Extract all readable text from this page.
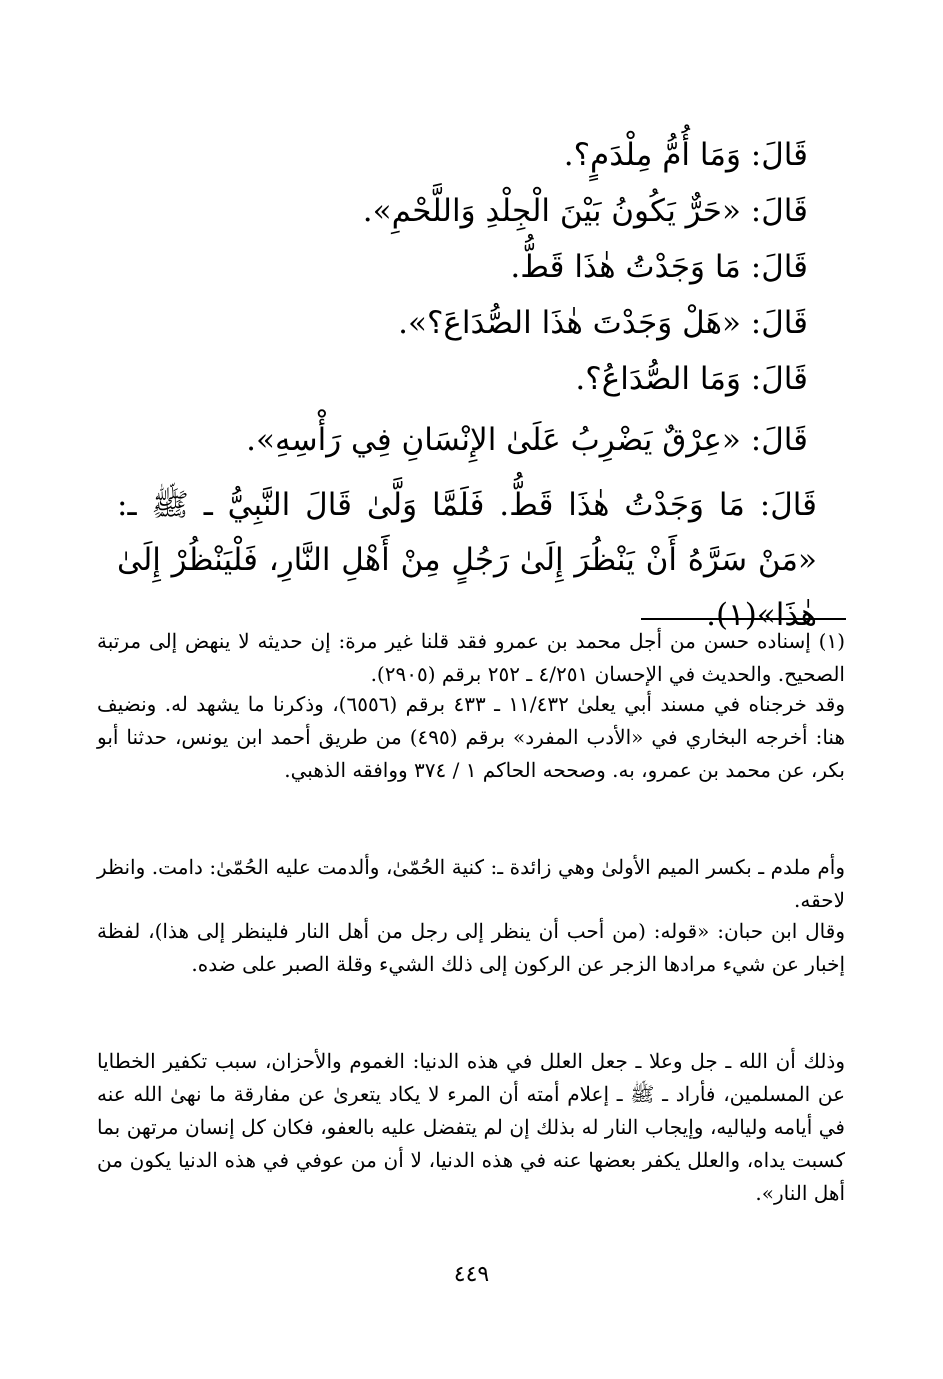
قَالَ: وَمَا أُمُّ مِلْدَمٍ؟.
قَالَ: «حَرٌّ يَكُونُ بَيْنَ الْجِلْدِ وَاللَّحْمِ».
قَالَ: مَا وَجَدْتُ هٰذَا قَطُّ.
قَالَ: «هَلْ وَجَدْتَ هٰذَا الصُّدَاعَ؟».
قَالَ: وَمَا الصُّدَاعُ؟.
قَالَ: «عِرْقٌ يَضْرِبُ عَلَىٰ الإِنْسَانِ فِي رَأْسِهِ».
قَالَ: مَا وَجَدْتُ هٰذَا قَطُّ. فَلَمَّا وَلَّىٰ قَالَ النَّبِيُّ ـ ﷺ ـ: «مَنْ سَرَّهُ أَنْ يَنْظُرَ إِلَىٰ رَجُلٍ مِنْ أَهْلِ النَّارِ، فَلْيَنْظُرْ إِلَىٰ هٰذَا»(١).
(١) إسناده حسن من أجل محمد بن عمرو فقد قلنا غير مرة: إن حديثه لا ينهض إلى مرتبة الصحيح. والحديث في الإحسان ٤/٢٥١ ـ ٢٥٢ برقم (٢٩٠٥).
وقد خرجناه في مسند أبي يعلىٰ ١١/٤٣٢ ـ ٤٣٣ برقم (٦٥٥٦)، وذكرنا ما يشهد له. ونضيف هنا: أخرجه البخاري في «الأدب المفرد» برقم (٤٩٥) من طريق أحمد ابن يونس، حدثنا أبو بكر، عن محمد بن عمرو، به. وصححه الحاكم ١ / ٣٧٤ ووافقه الذهبي.
وأم ملدم ـ بكسر الميم الأولىٰ وهي زائدة ـ: كنية الحُمّىٰ، وألدمت عليه الحُمّىٰ: دامت. وانظر لاحقه.
وقال ابن حبان: «قوله: (من أحب أن ينظر إلى رجل من أهل النار فلينظر إلى هذا)، لفظة إخبار عن شيء مرادها الزجر عن الركون إلى ذلك الشيء وقلة الصبر على ضده.
وذلك أن الله ـ جل وعلا ـ جعل العلل في هذه الدنيا: الغموم والأحزان، سبب تكفير الخطايا عن المسلمين، فأراد ـ ﷺ ـ إعلام أمته أن المرء لا يكاد يتعرىٰ عن مفارقة ما نهىٰ الله عنه في أيامه ولياليه، وإيجاب النار له بذلك إن لم يتفضل عليه بالعفو، فكان كل إنسان مرتهن بما كسبت يداه، والعلل يكفر بعضها عنه في هذه الدنيا، لا أن من عوفي في هذه الدنيا يكون من أهل النار».
٤٤٩
